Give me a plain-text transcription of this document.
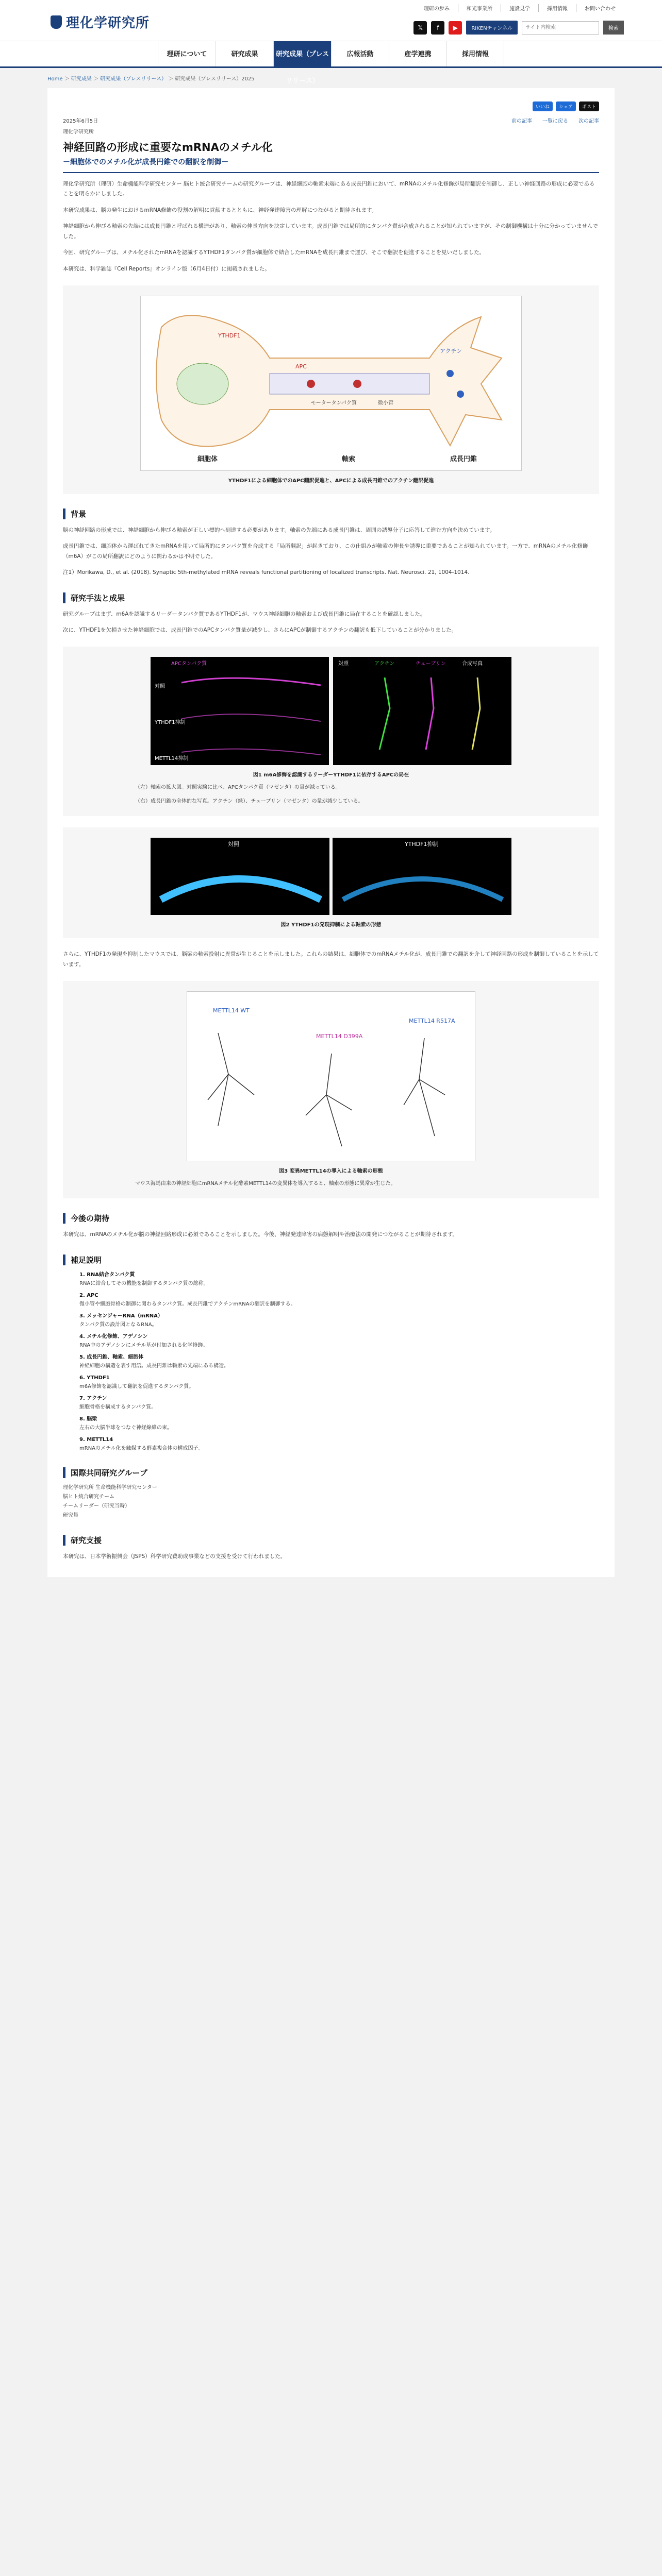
理化学研究所
理研の歩み	和光事業所	施設見学	採用情報	お問い合わせ
𝕏	f	▶	RIKENチャンネル
サイト内検索	検索
理研について	研究成果	研究成果（プレスリリース）
広報活動	産学連携	採用情報
Home ＞ 研究成果 ＞ 研究成果（プレスリリース） ＞ 研究成果（プレスリリース）2025
いいね	シェア	ポスト
2025年6月5日	前の記事 一覧に戻る 次の記事
理化学研究所
神経回路の形成に重要なmRNAのメチル化
－細胞体でのメチル化が成長円錐での翻訳を制御－

理化学研究所（理研）生命機能科学研究センター 脳ヒト統合研究チームの研究グループは、神経細胞の軸索末端にある成長円錐において、mRNAのメチル化修飾が局所翻訳を制御し、正しい神経回路の形成に必要であることを明らかにしました。

本研究成果は、脳の発生におけるmRNA修飾の役割の解明に貢献するとともに、神経発達障害の理解につながると期待されます。

神経細胞から伸びる軸索の先端には成長円錐と呼ばれる構造があり、軸索の伸長方向を決定しています。成長円錐では局所的にタンパク質が合成されることが知られていますが、その制御機構は十分に分かっていませんでした。

今回、研究グループは、メチル化されたmRNAを認識するYTHDF1タンパク質が細胞体で結合したmRNAを成長円錐まで運び、そこで翻訳を促進することを見いだしました。

本研究は、科学雑誌『Cell Reports』オンライン版（6月4日付）に掲載されました。

細胞体	軸索	成長円錐
YTHDF1
APC
アクチン
モータータンパク質	微小管
YTHDF1による細胞体でのAPC翻訳促進と、APCによる成長円錐でのアクチン翻訳促進
背景

脳の神経回路の形成では、神経細胞から伸びる軸索が正しい標的へ到達する必要があります。軸索の先端にある成長円錐は、周囲の誘導分子に応答して進む方向を決めています。

成長円錐では、細胞体から運ばれてきたmRNAを用いて局所的にタンパク質を合成する「局所翻訳」が起きており、この仕組みが軸索の伸長や誘導に重要であることが知られています。一方で、mRNAのメチル化修飾（m6A）がこの局所翻訳にどのように関わるかは不明でした。

注1）Morikawa, D., et al. (2018). Synaptic 5th-methylated mRNA reveals functional partitioning of localized transcripts. Nat. Neurosci. 21, 1004-1014.

研究手法と成果

研究グループはまず、m6Aを認識するリーダータンパク質であるYTHDF1が、マウス神経細胞の軸索および成長円錐に局在することを確認しました。

次に、YTHDF1を欠損させた神経細胞では、成長円錐でのAPCタンパク質量が減少し、さらにAPCが制御するアクチンの翻訳も低下していることが分かりました。

APCタンパク質
対照
YTHDF1抑制
METTL14抑制
対照	アクチン	チューブリン	合成写真
図1 m6A修飾を認識するリーダーYTHDF1に依存するAPCの局在
（左）軸索の拡大図。対照実験に比べ、APCタンパク質（マゼンタ）の量が減っている。
（右）成長円錐の全体的な写真。アクチン（緑）、チューブリン（マゼンタ）の量が減少している。
対照	YTHDF1抑制
図2 YTHDF1の発現抑制による軸索の形態

さらに、YTHDF1の発現を抑制したマウスでは、脳梁の軸索投射に異常が生じることを示しました。これらの結果は、細胞体でのmRNAメチル化が、成長円錐での翻訳を介して神経回路の形成を制御していることを示しています。

METTL14 WT
METTL14 D399A
METTL14 R517A
図3 変異METTL14の導入による軸索の形態
マウス海馬由来の神経細胞にmRNAメチル化酵素METTL14の変異体を導入すると、軸索の形態に異常が生じた。
今後の期待

本研究は、mRNAのメチル化が脳の神経回路形成に必須であることを示しました。今後、神経発達障害の病態解明や治療法の開発につながることが期待されます。

補足説明
1. RNA結合タンパク質
RNAに結合してその機能を制御するタンパク質の総称。
2. APC
微小管や細胞骨格の制御に関わるタンパク質。成長円錐でアクチンmRNAの翻訳を制御する。
3. メッセンジャーRNA（mRNA）
タンパク質の設計図となるRNA。
4. メチル化修飾、アデノシン
RNA中のアデノシンにメチル基が付加される化学修飾。
5. 成長円錐、軸索、細胞体
神経細胞の構造を表す用語。成長円錐は軸索の先端にある構造。
6. YTHDF1
m6A修飾を認識して翻訳を促進するタンパク質。
7. アクチン
細胞骨格を構成するタンパク質。
8. 脳梁
左右の大脳半球をつなぐ神経線維の束。
9. METTL14
mRNAのメチル化を触媒する酵素複合体の構成因子。
国際共同研究グループ
理化学研究所 生命機能科学研究センター
脳ヒト統合研究チーム
チームリーダー（研究当時）
研究員
研究支援

本研究は、日本学術振興会（JSPS）科学研究費助成事業などの支援を受けて行われました。
